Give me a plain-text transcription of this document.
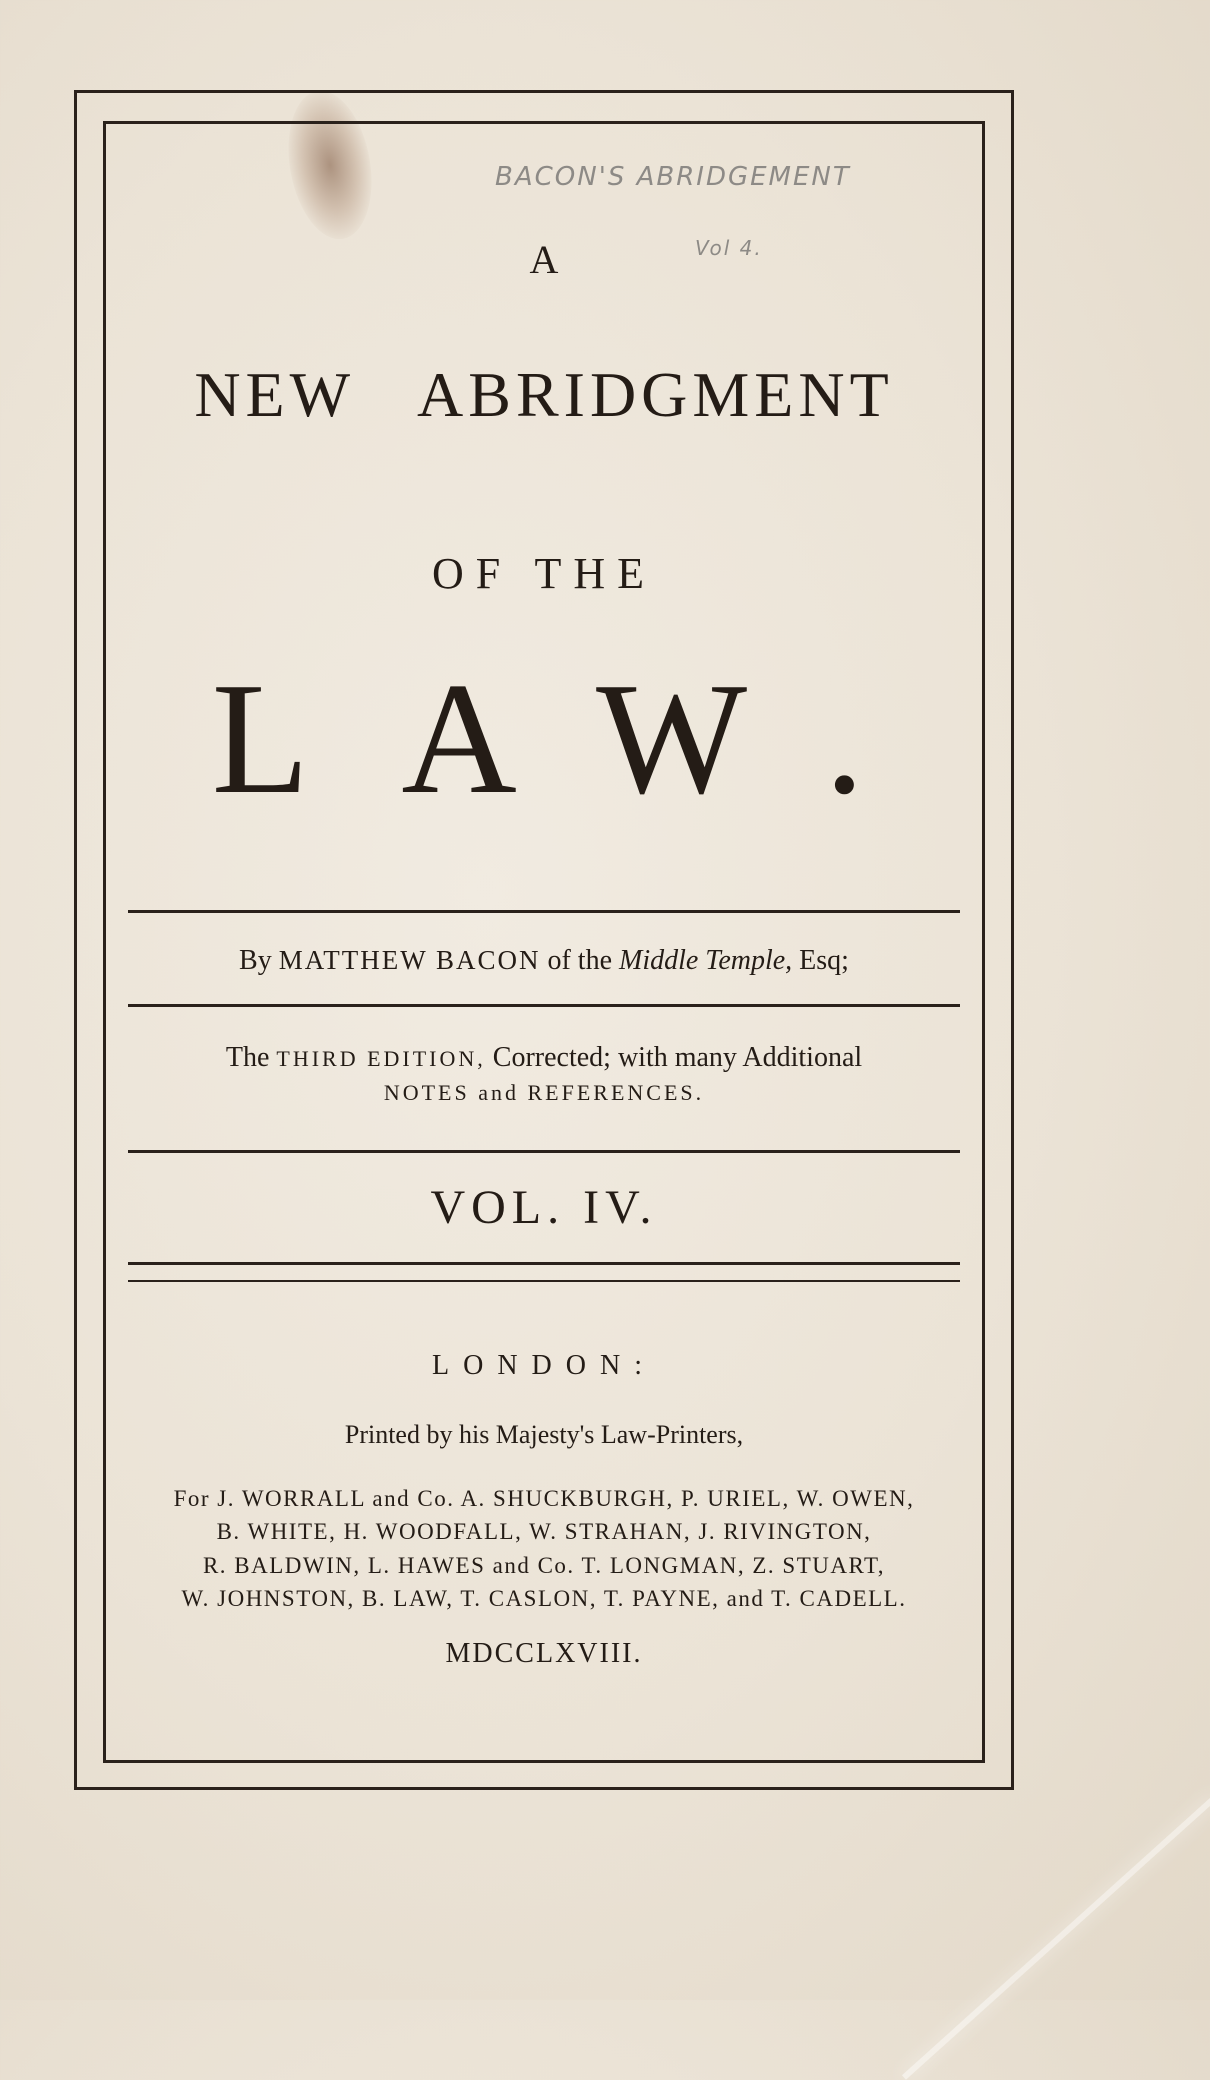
BACON'S ABRIDGEMENT
Vol 4.
A
NEW ABRIDGMENT
OF THE
LAW.
By MATTHEW BACON of the Middle Temple, Esq;
The THIRD EDITION, Corrected; with many Additional
NOTES and REFERENCES.
VOL. IV.
LONDON:
Printed by his Majesty's Law-Printers,
For J. WORRALL and Co. A. SHUCKBURGH, P. URIEL, W. OWEN,
B. WHITE, H. WOODFALL, W. STRAHAN, J. RIVINGTON,
R. BALDWIN, L. HAWES and Co. T. LONGMAN, Z. STUART,
W. JOHNSTON, B. LAW, T. CASLON, T. PAYNE, and T. CADELL.
MDCCLXVIII.
